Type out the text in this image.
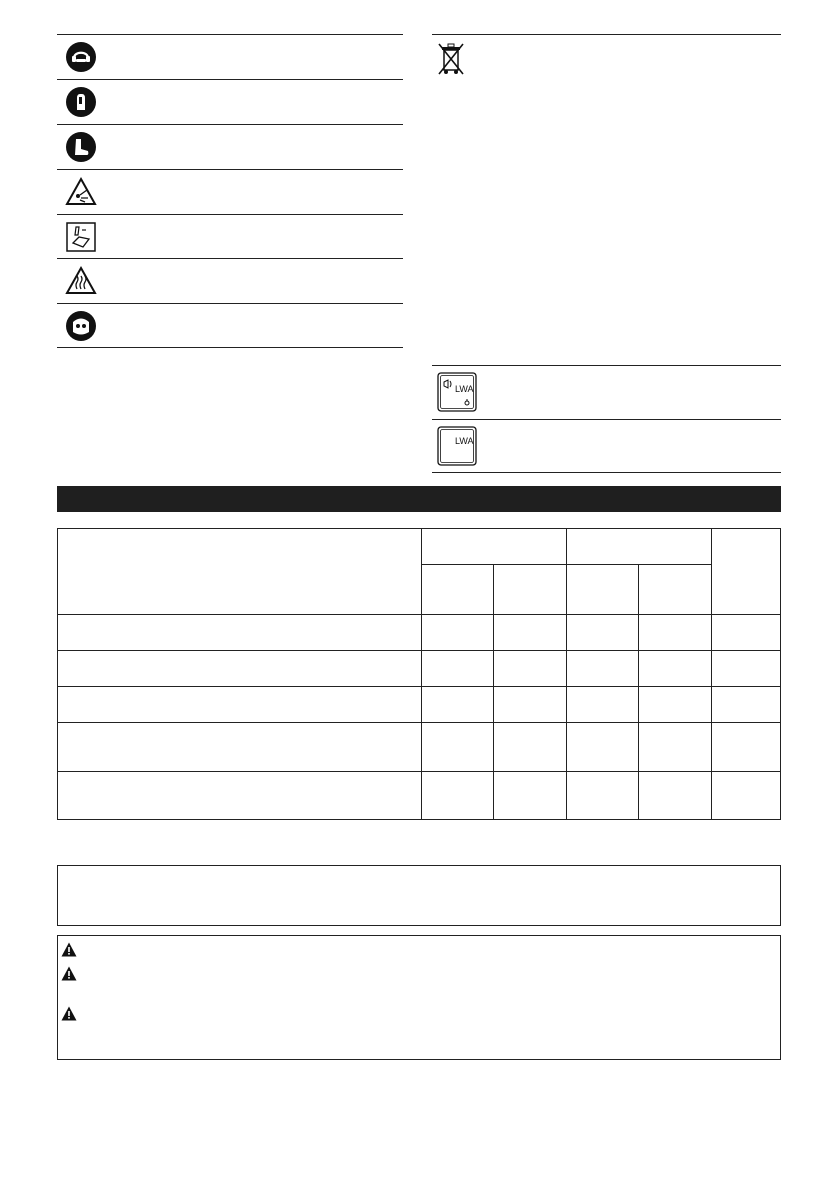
LWA
LWA
